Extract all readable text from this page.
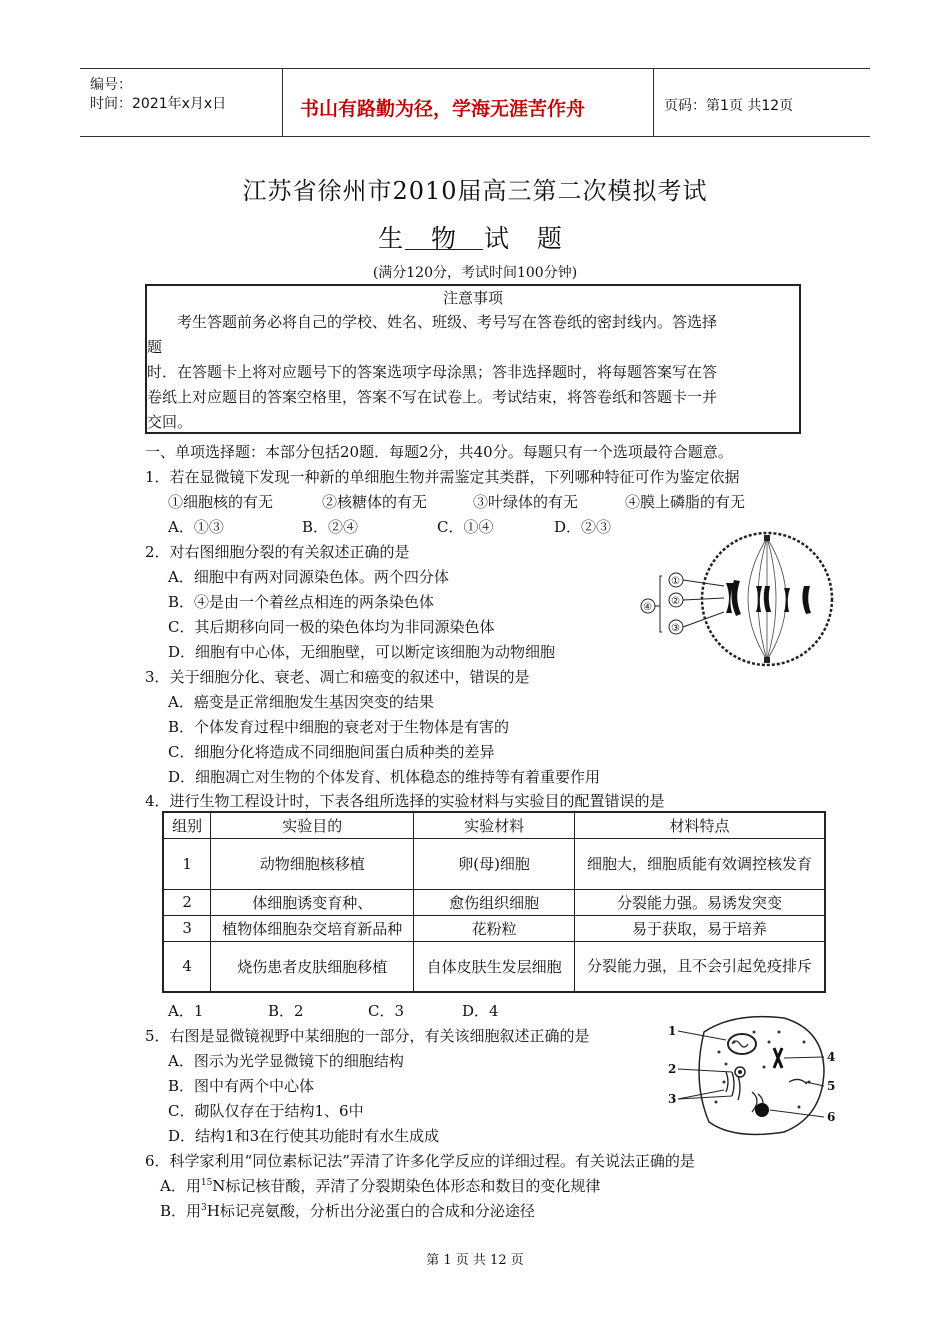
编号：
时间：2021年x月x日	书山有路勤为径，学海无涯苦作舟	页码：第1页 共12页
江苏省徐州市2010届高三第二次模拟考试
生 物 试 题
(满分120分，考试时间100分钟)

注意事项

　　考生答题前务必将自己的学校、姓名、班级、考号写在答卷纸的密封线内。答选择

题

时．在答题卡上将对应题号下的答案选项字母涂黑；答非选择题时，将每题答案写在答

卷纸上对应题目的答案空格里，答案不写在试卷上。考试结束，将答卷纸和答题卡一并

交回。

一、单项选择题：本部分包括20题．每题2分，共40分。每题只有一个选项最符合题意。
1．若在显微镜下发现一种新的单细胞生物并需鉴定其类群，下列哪种特征可作为鉴定依据
①细胞核的有无	②核糖体的有无	③叶绿体的有无	④膜上磷脂的有无
A．①③	B．②④	C．①④	D．②③
2．对右图细胞分裂的有关叙述正确的是
A．细胞中有两对同源染色体。两个四分体
B．④是由一个着丝点相连的两条染色体
C．其后期移向同一极的染色体均为非同源染色体
D．细胞有中心体，无细胞壁，可以断定该细胞为动物细胞
①
②
④
③
3．关于细胞分化、衰老、凋亡和癌变的叙述中，错误的是
A．癌变是正常细胞发生基因突变的结果
B．个体发育过程中细胞的衰老对于生物体是有害的
C．细胞分化将造成不同细胞间蛋白质种类的差异
D．细胞凋亡对生物的个体发育、机体稳态的维持等有着重要作用
4．进行生物工程设计时，下表各组所选择的实验材料与实验目的配置错误的是
组别	实验目的	实验材料	材料特点
1	动物细胞核移植	卵(母)细胞	细胞大，细胞质能有效调控核发育
2	体细胞诱变育种、	愈伤组织细胞	分裂能力强。易诱发突变
3	植物体细胞杂交培育新品种	花粉粒	易于获取，易于培养
4	烧伤患者皮肤细胞移植	自体皮肤生发层细胞	分裂能力强，且不会引起免疫排斥
A．1	B．2	C．3	D．4
5．右图是显微镜视野中某细胞的一部分，有关该细胞叙述正确的是
A．图示为光学显微镜下的细胞结构
B．图中有两个中心体
C．砌队仅存在于结构1、6中
D．结构1和3在行使其功能时有水生成成
1
2
3
4
5
6
6．科学家利用“同位素标记法”弄清了许多化学反应的详细过程。有关说法正确的是
A．用$^{15}$N标记核苷酸，弄清了分裂期染色体形态和数目的变化规律
B．用$^3$H标记亮氨酸，分析出分泌蛋白的合成和分泌途径
第 1 页 共 12 页
